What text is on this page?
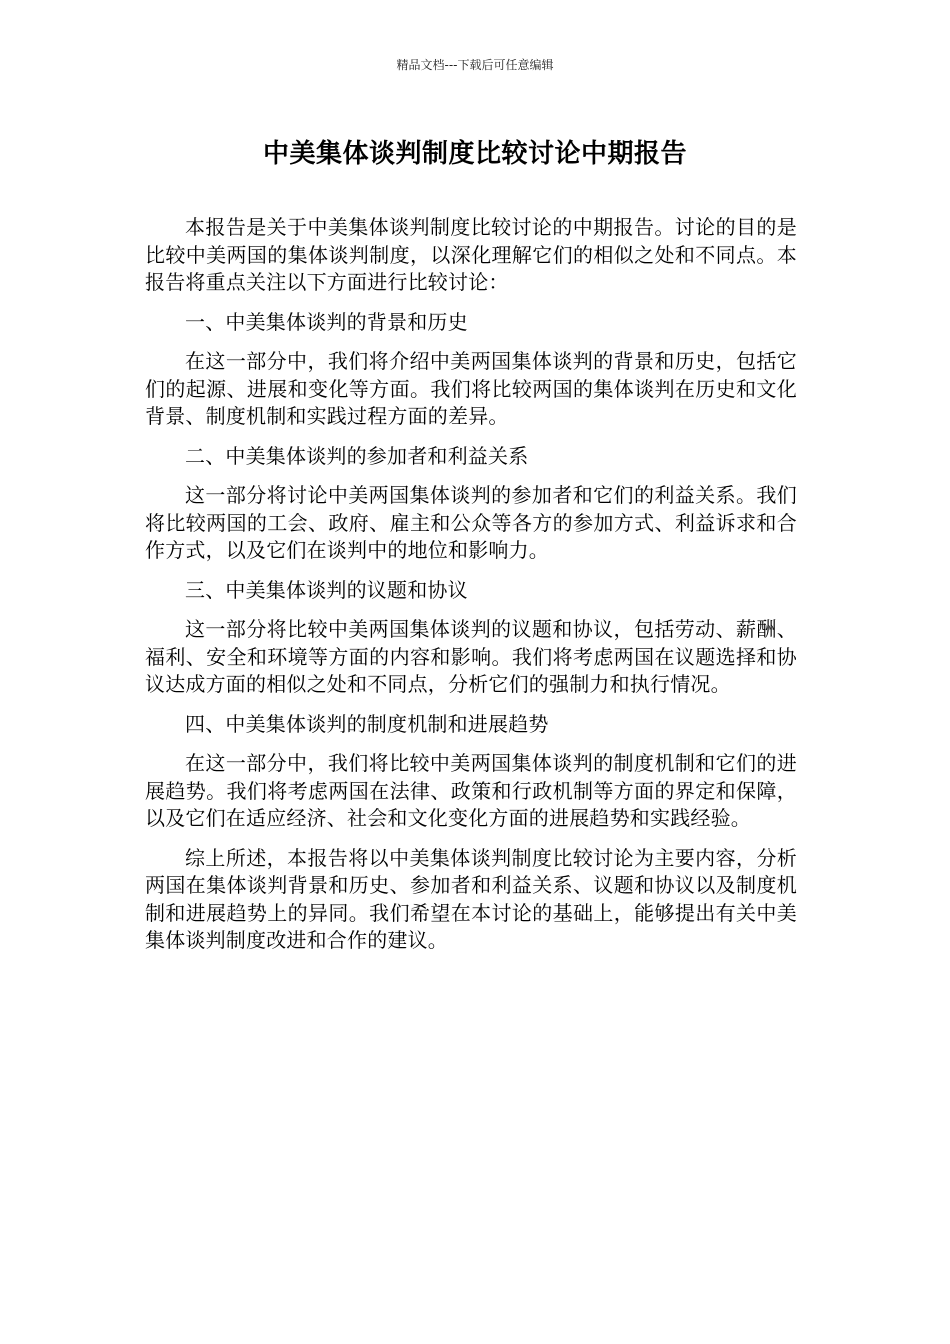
精品文档---下载后可任意编辑
中美集体谈判制度比较讨论中期报告

本报告是关于中美集体谈判制度比较讨论的中期报告。讨论的目的是比较中美两国的集体谈判制度，以深化理解它们的相似之处和不同点。本报告将重点关注以下方面进行比较讨论：

一、中美集体谈判的背景和历史

在这一部分中，我们将介绍中美两国集体谈判的背景和历史，包括它们的起源、进展和变化等方面。我们将比较两国的集体谈判在历史和文化背景、制度机制和实践过程方面的差异。

二、中美集体谈判的参加者和利益关系

这一部分将讨论中美两国集体谈判的参加者和它们的利益关系。我们将比较两国的工会、政府、雇主和公众等各方的参加方式、利益诉求和合作方式，以及它们在谈判中的地位和影响力。

三、中美集体谈判的议题和协议

这一部分将比较中美两国集体谈判的议题和协议，包括劳动、薪酬、福利、安全和环境等方面的内容和影响。我们将考虑两国在议题选择和协议达成方面的相似之处和不同点，分析它们的强制力和执行情况。

四、中美集体谈判的制度机制和进展趋势

在这一部分中，我们将比较中美两国集体谈判的制度机制和它们的进展趋势。我们将考虑两国在法律、政策和行政机制等方面的界定和保障，以及它们在适应经济、社会和文化变化方面的进展趋势和实践经验。

综上所述，本报告将以中美集体谈判制度比较讨论为主要内容，分析两国在集体谈判背景和历史、参加者和利益关系、议题和协议以及制度机制和进展趋势上的异同。我们希望在本讨论的基础上，能够提出有关中美集体谈判制度改进和合作的建议。
